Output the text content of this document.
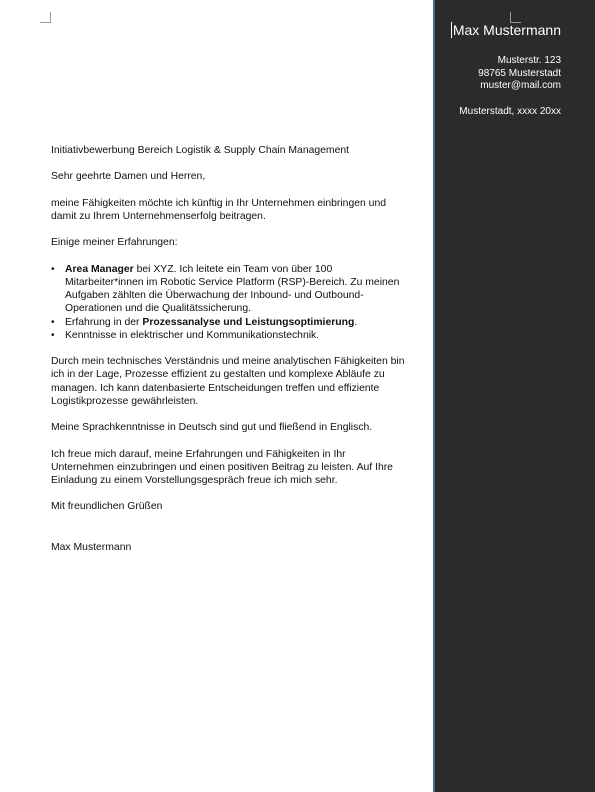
Initiativbewerbung Bereich Logistik & Supply Chain Management

Sehr geehrte Damen und Herren,

meine Fähigkeiten möchte ich künftig in Ihr Unternehmen einbringen und damit zu Ihrem Unternehmenserfolg beitragen.

Einige meiner Erfahrungen:

• Area Manager bei XYZ. Ich leitete ein Team von über 100 Mitarbeiter*innen im Robotic Service Platform (RSP)-Bereich. Zu meinen Aufgaben zählten die Überwachung der Inbound- und Outbound-Operationen und die Qualitätssicherung.
• Erfahrung in der Prozessanalyse und Leistungsoptimierung.
• Kenntnisse in elektrischer und Kommunikationstechnik.

Durch mein technisches Verständnis und meine analytischen Fähigkeiten bin ich in der Lage, Prozesse effizient zu gestalten und komplexe Abläufe zu managen. Ich kann datenbasierte Entscheidungen treffen und effiziente Logistikprozesse gewährleisten.

Meine Sprachkenntnisse in Deutsch sind gut und fließend in Englisch.

Ich freue mich darauf, meine Erfahrungen und Fähigkeiten in Ihr Unternehmen einzubringen und einen positiven Beitrag zu leisten. Auf Ihre Einladung zu einem Vorstellungsgespräch freue ich mich sehr.

Mit freundlichen Grüßen

Max Mustermann

Max Mustermann
Musterstr. 123
98765 Musterstadt
muster@mail.com
Musterstadt, xxxx 20xx
